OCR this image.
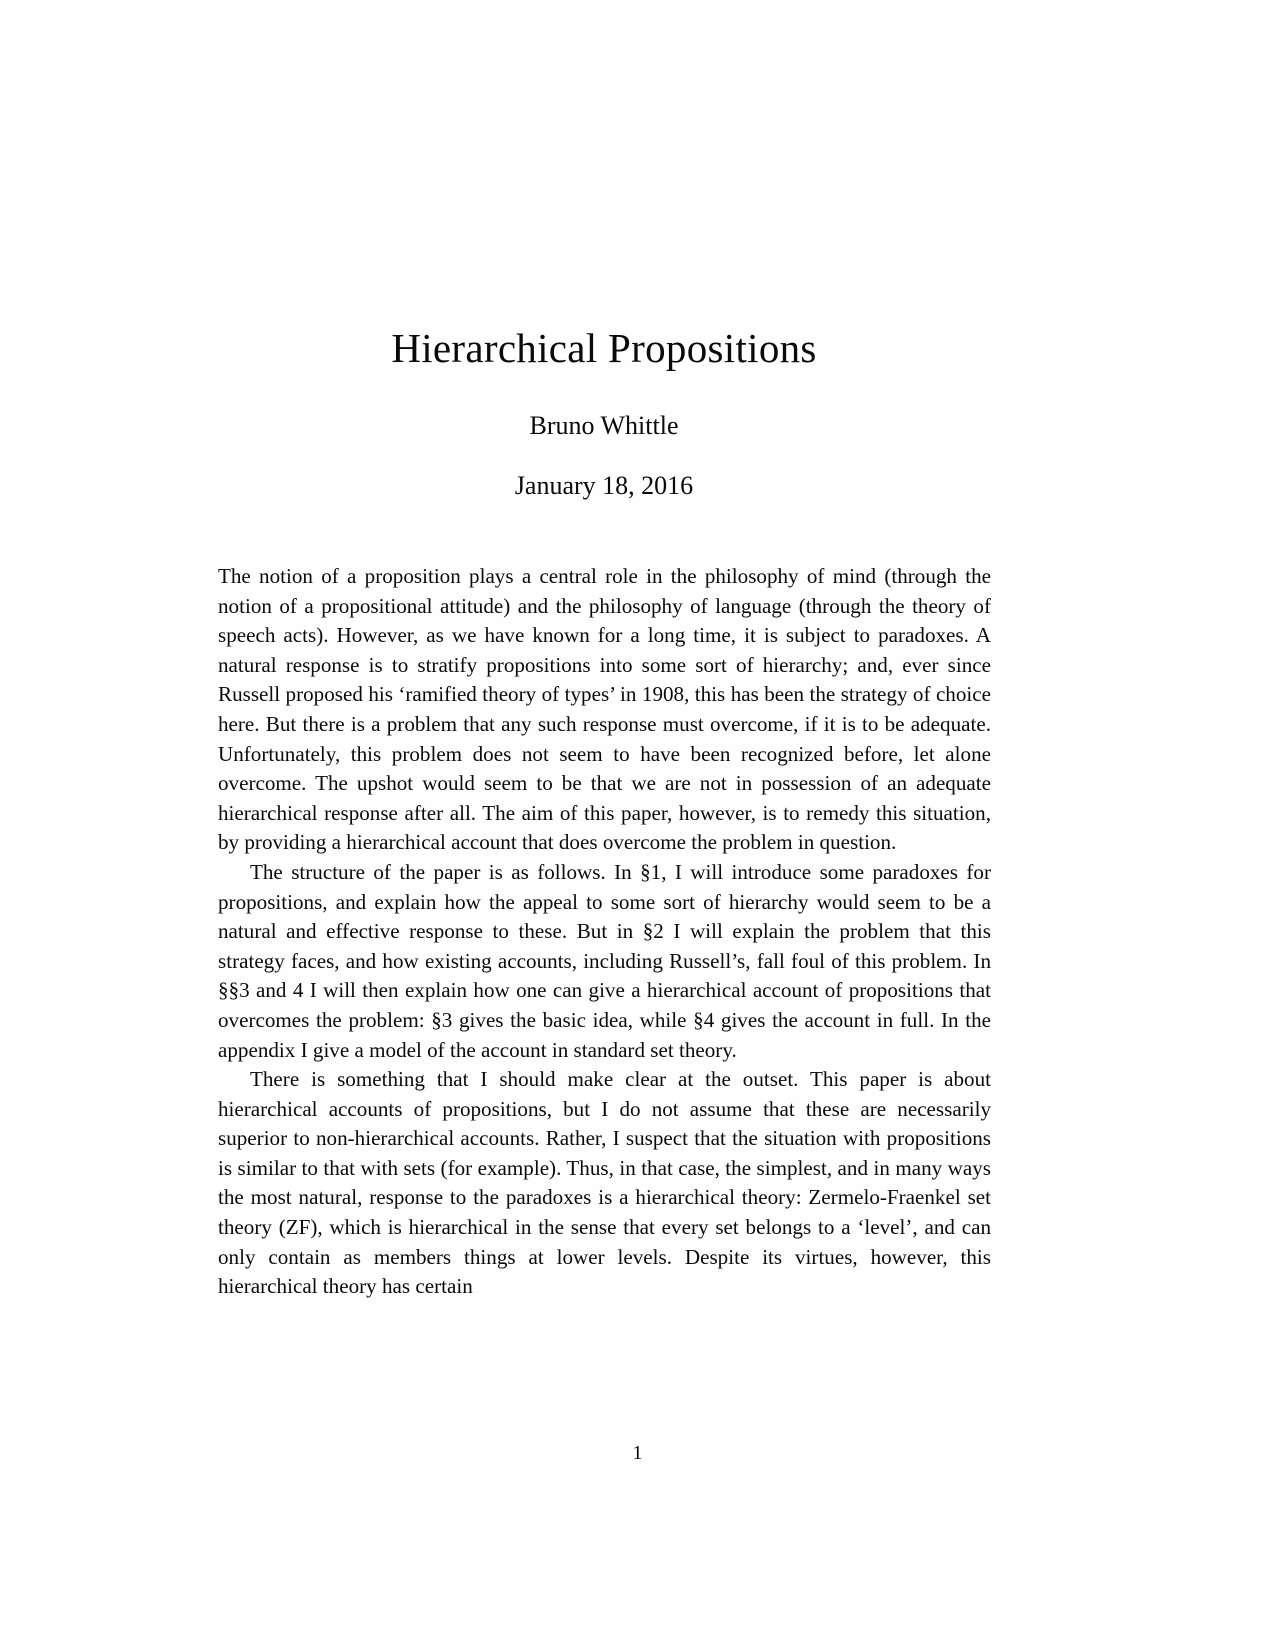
Hierarchical Propositions
Bruno Whittle
January 18, 2016

The notion of a proposition plays a central role in the philosophy of mind (through the notion of a propositional attitude) and the philosophy of language (through the theory of speech acts). However, as we have known for a long time, it is subject to paradoxes. A natural response is to stratify propositions into some sort of hierarchy; and, ever since Russell proposed his ‘ramified theory of types’ in 1908, this has been the strategy of choice here. But there is a problem that any such response must overcome, if it is to be adequate. Unfortunately, this problem does not seem to have been recognized before, let alone overcome. The upshot would seem to be that we are not in possession of an adequate hierarchical response after all. The aim of this paper, however, is to remedy this situation, by providing a hierarchical account that does overcome the problem in question.

The structure of the paper is as follows. In §1, I will introduce some paradoxes for propositions, and explain how the appeal to some sort of hierarchy would seem to be a natural and effective response to these. But in §2 I will explain the problem that this strategy faces, and how existing accounts, including Russell’s, fall foul of this problem. In §§3 and 4 I will then explain how one can give a hierarchical account of propositions that overcomes the problem: §3 gives the basic idea, while §4 gives the account in full. In the appendix I give a model of the account in standard set theory.

There is something that I should make clear at the outset. This paper is about hierarchical accounts of propositions, but I do not assume that these are necessarily superior to non-hierarchical accounts. Rather, I suspect that the situation with propositions is similar to that with sets (for example). Thus, in that case, the simplest, and in many ways the most natural, response to the paradoxes is a hierarchical theory: Zermelo-Fraenkel set theory (ZF), which is hierarchical in the sense that every set belongs to a ‘level’, and can only contain as members things at lower levels. Despite its virtues, however, this hierarchical theory has certain

1
